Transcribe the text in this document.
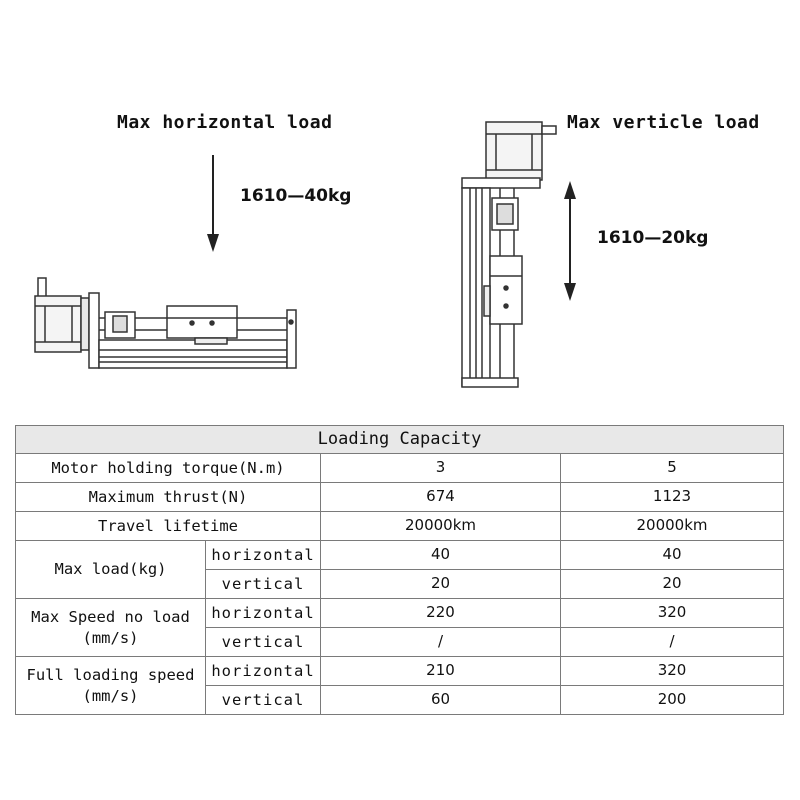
Max horizontal load
1610—40kg
Max verticle load
1610—20kg
Loading Capacity			
Motor holding torque(N.m)		3	5
Maximum thrust(N)		674	1123
Travel lifetime		20000km	20000km
Max load(kg)	horizontal	40	40
	vertical	20	20

Max Speed no load
(mm/s)	horizontal	220	320
	vertical	/	/

Full loading speed
(mm/s)	horizontal	210	320
	vertical	60	200
